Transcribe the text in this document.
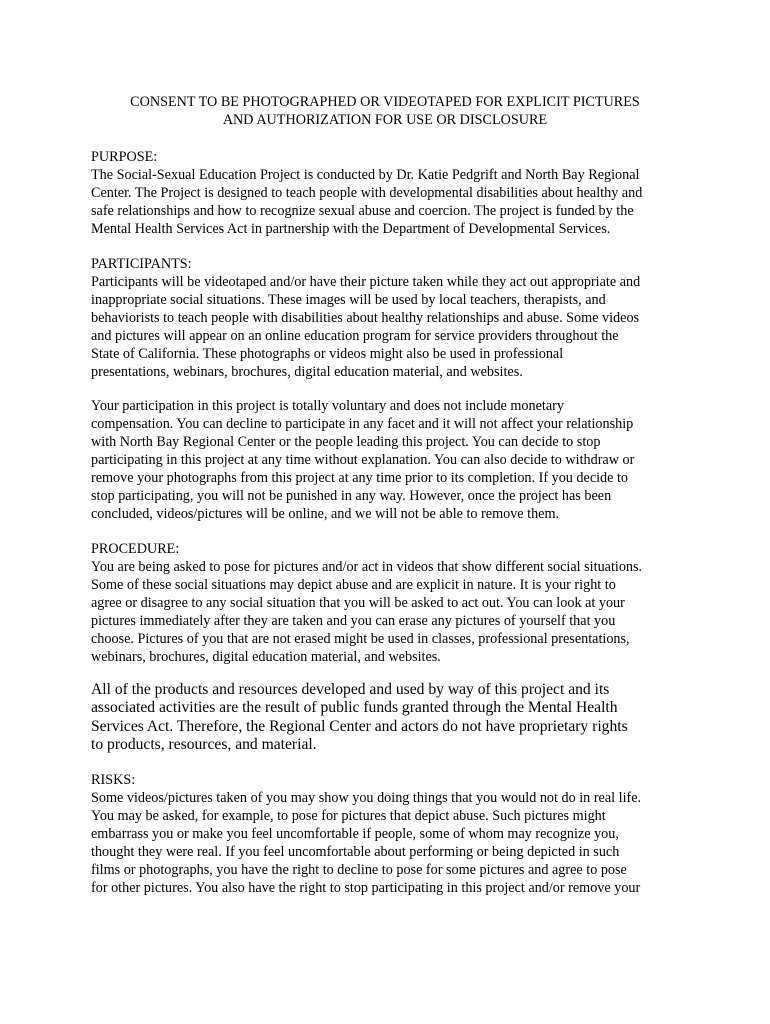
CONSENT TO BE PHOTOGRAPHED OR VIDEOTAPED FOR EXPLICIT PICTURES
AND AUTHORIZATION FOR USE OR DISCLOSURE
PURPOSE:
The Social-Sexual Education Project is conducted by Dr. Katie Pedgrift and North Bay Regional
Center. The Project is designed to teach people with developmental disabilities about healthy and
safe relationships and how to recognize sexual abuse and coercion. The project is funded by the
Mental Health Services Act in partnership with the Department of Developmental Services.
PARTICIPANTS:
Participants will be videotaped and/or have their picture taken while they act out appropriate and
inappropriate social situations. These images will be used by local teachers, therapists, and
behaviorists to teach people with disabilities about healthy relationships and abuse. Some videos
and pictures will appear on an online education program for service providers throughout the
State of California. These photographs or videos might also be used in professional
presentations, webinars, brochures, digital education material, and websites.
Your participation in this project is totally voluntary and does not include monetary
compensation. You can decline to participate in any facet and it will not affect your relationship
with North Bay Regional Center or the people leading this project. You can decide to stop
participating in this project at any time without explanation. You can also decide to withdraw or
remove your photographs from this project at any time prior to its completion. If you decide to
stop participating, you will not be punished in any way. However, once the project has been
concluded, videos/pictures will be online, and we will not be able to remove them.
PROCEDURE:
You are being asked to pose for pictures and/or act in videos that show different social situations.
Some of these social situations may depict abuse and are explicit in nature. It is your right to
agree or disagree to any social situation that you will be asked to act out. You can look at your
pictures immediately after they are taken and you can erase any pictures of yourself that you
choose. Pictures of you that are not erased might be used in classes, professional presentations,
webinars, brochures, digital education material, and websites.
All of the products and resources developed and used by way of this project and its
associated activities are the result of public funds granted through the Mental Health
Services Act. Therefore, the Regional Center and actors do not have proprietary rights
to products, resources, and material.
RISKS:
Some videos/pictures taken of you may show you doing things that you would not do in real life.
You may be asked, for example, to pose for pictures that depict abuse. Such pictures might
embarrass you or make you feel uncomfortable if people, some of whom may recognize you,
thought they were real. If you feel uncomfortable about performing or being depicted in such
films or photographs, you have the right to decline to pose for some pictures and agree to pose
for other pictures. You also have the right to stop participating in this project and/or remove your
